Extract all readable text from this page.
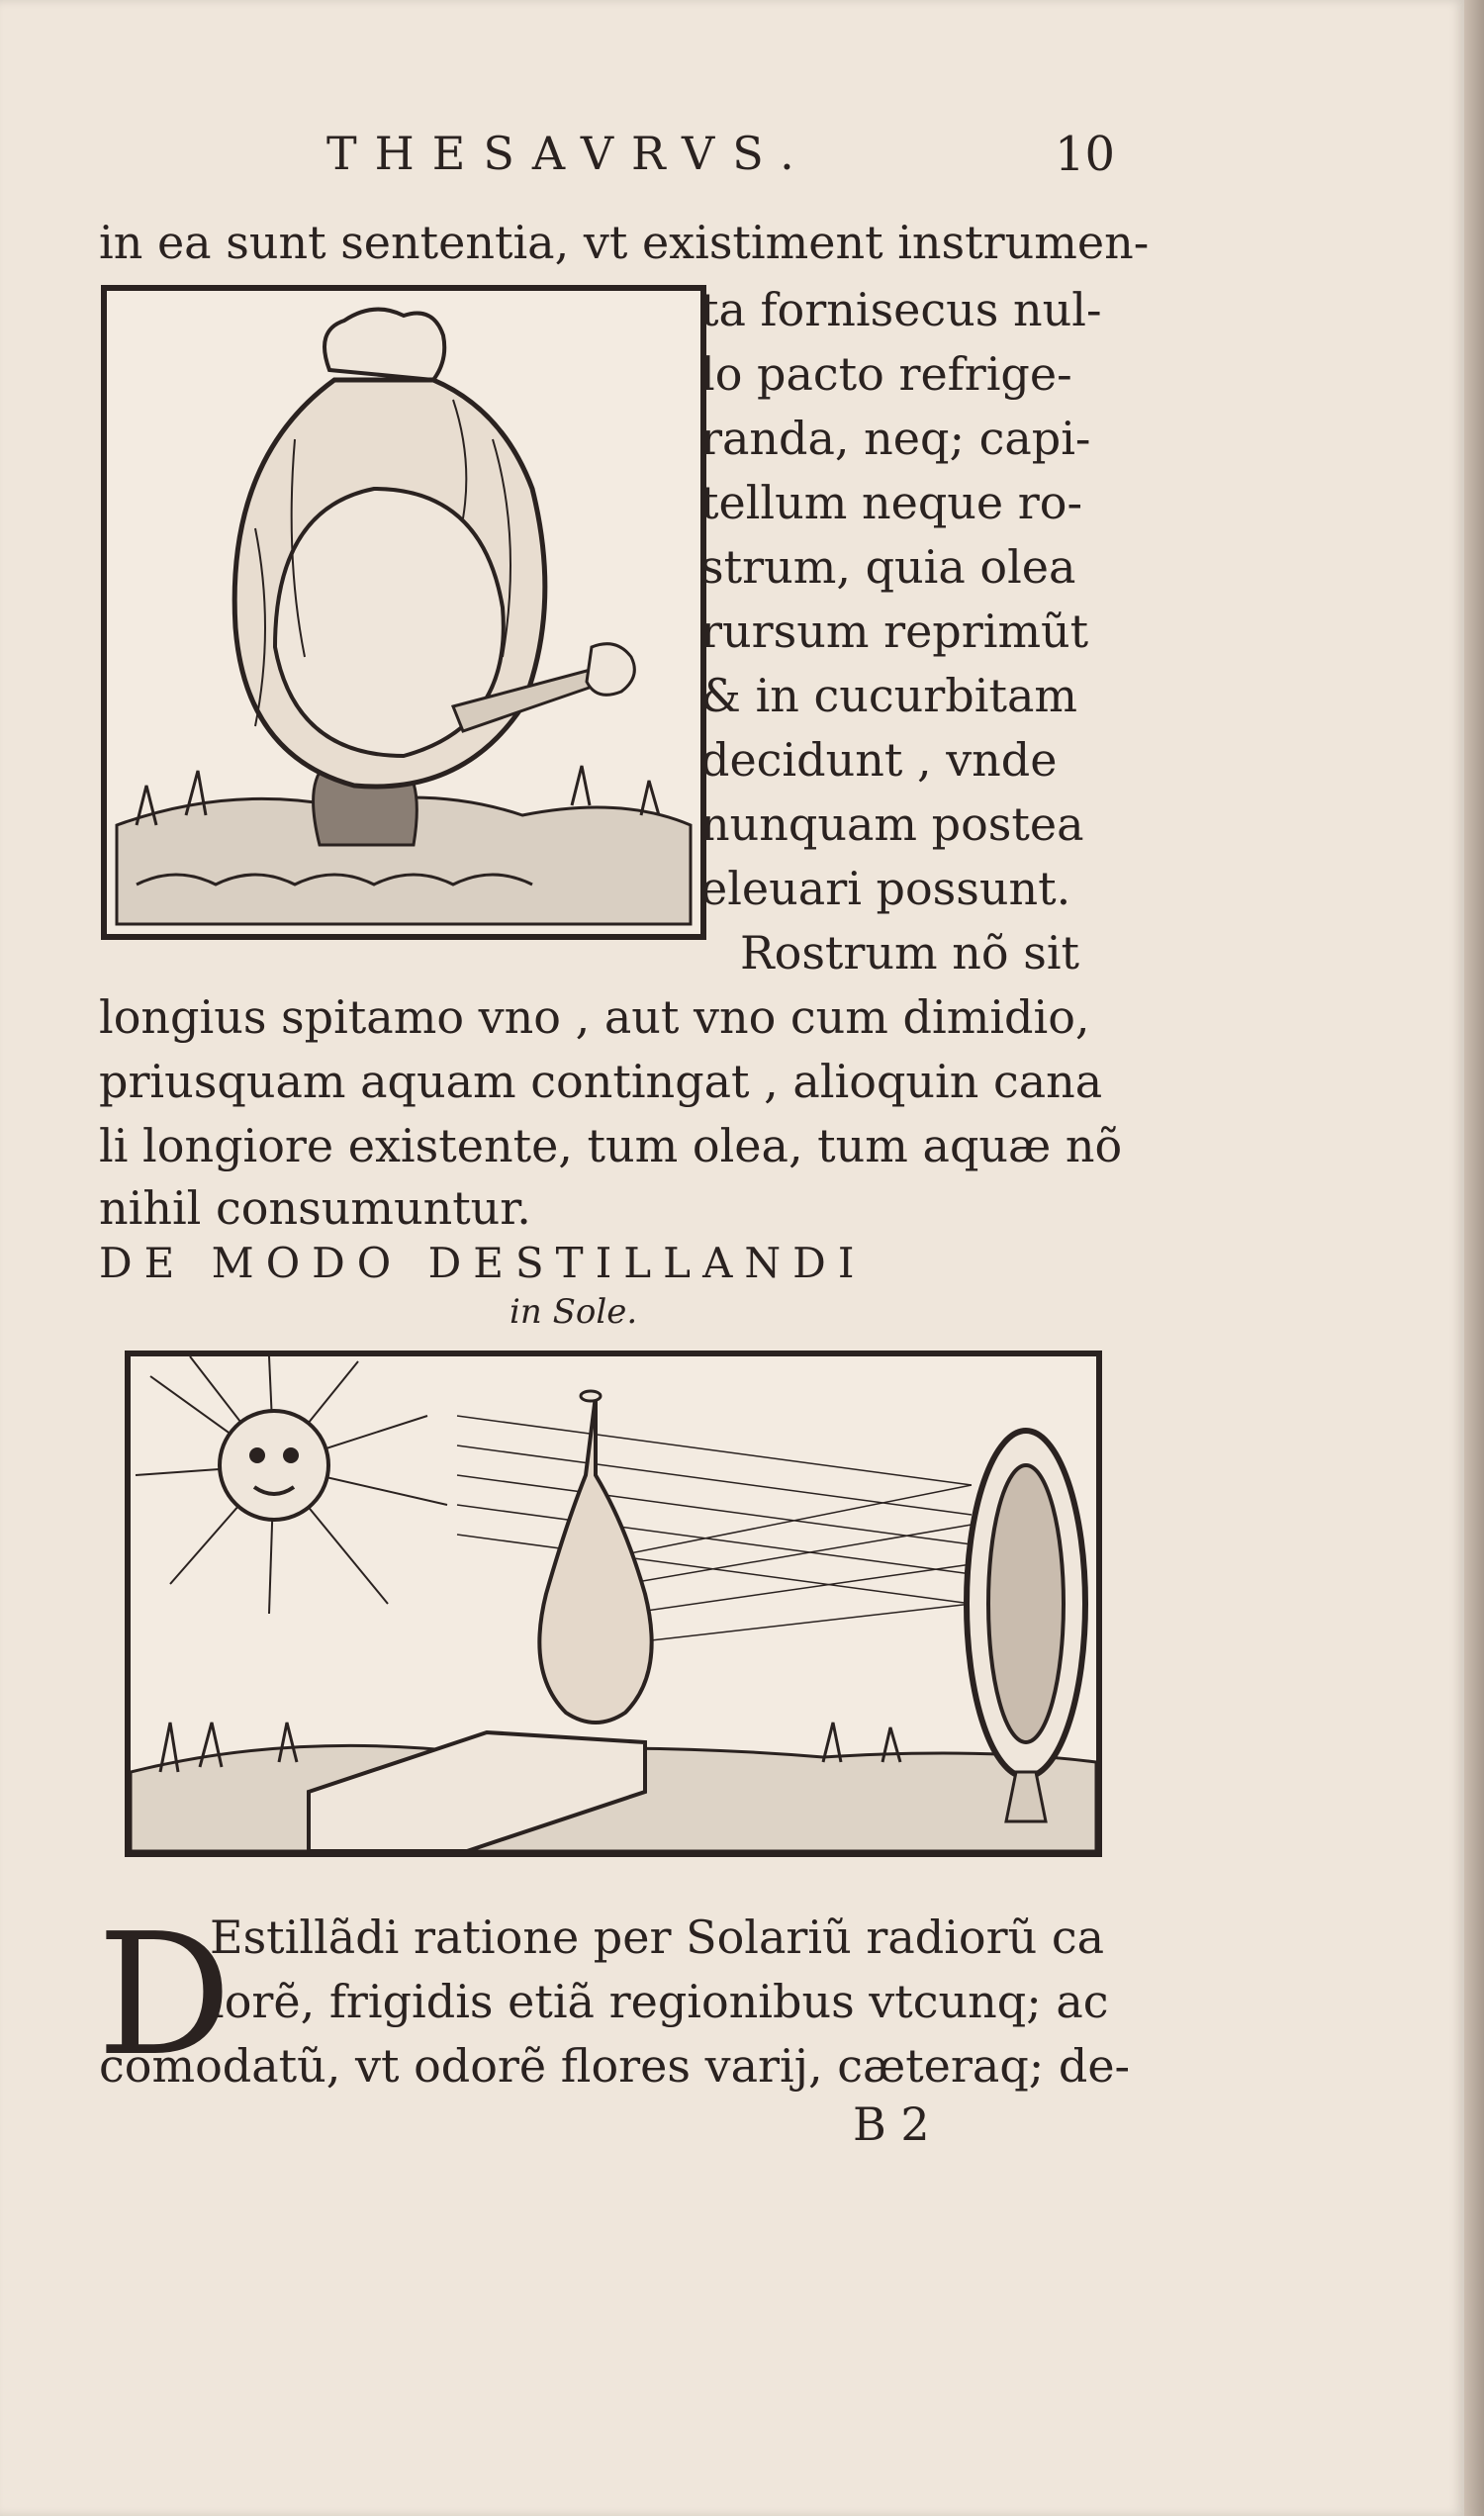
THESAVRVS.	10
in ea sunt sententia, vt existiment instrumen-
ta fornisecus nul-
lo pacto refrige-
randa, neq; capi-
tellum neque ro-
strum, quia olea
rursum reprimũt
& in cucurbitam
decidunt , vnde
nunquam postea
eleuari possunt.
Rostrum nõ sit
longius spitamo vno , aut vno cum dimidio,
priusquam aquam contingat , alioquin cana
li longiore existente, tum olea, tum aquæ nõ
nihil consumuntur.
DE MODO DESTILLANDI
in Sole.
D
Estillãdi ratione per Solariũ radiorũ ca
lorẽ, frigidis etiã regionibus vtcunq; ac
cõmodatũ, vt odorẽ flores varij, cæteraq; de-
B 2
